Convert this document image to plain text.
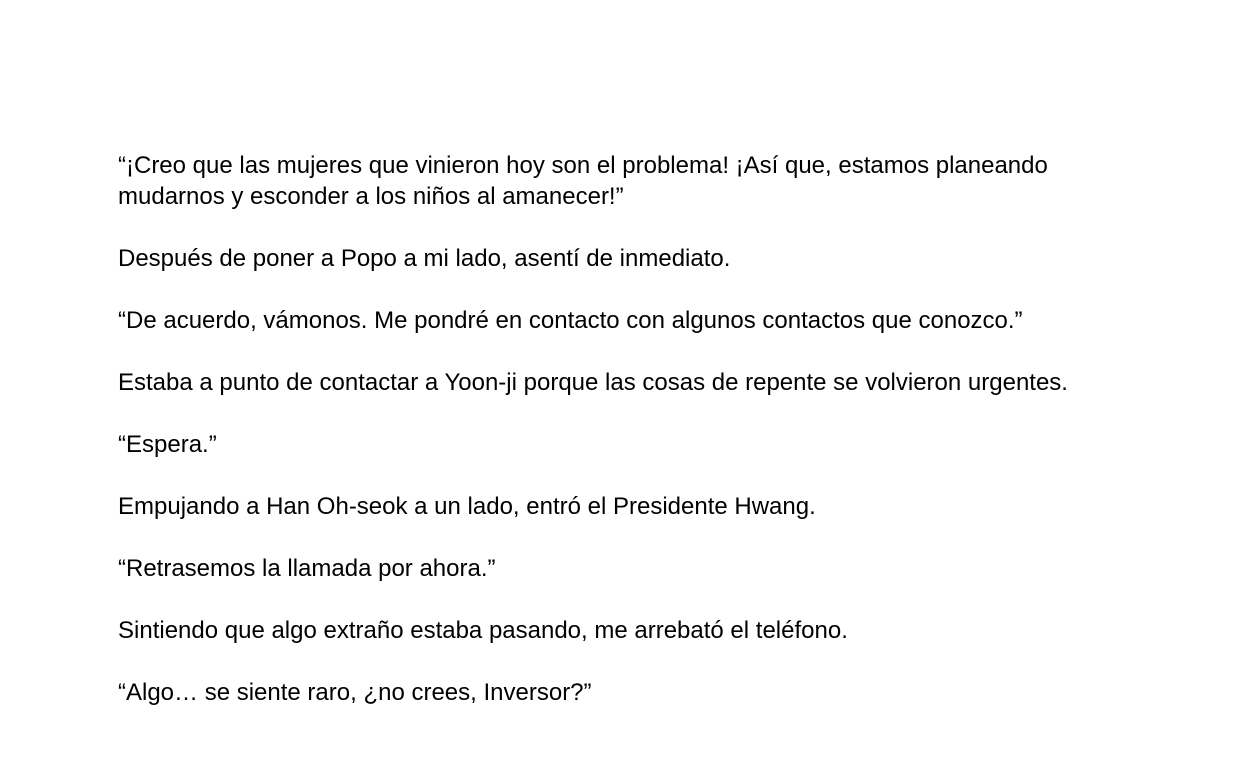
“¡Creo que las mujeres que vinieron hoy son el problema! ¡Así que, estamos planeando mudarnos y esconder a los niños al amanecer!”

Después de poner a Popo a mi lado, asentí de inmediato.

“De acuerdo, vámonos. Me pondré en contacto con algunos contactos que conozco.”

Estaba a punto de contactar a Yoon-ji porque las cosas de repente se volvieron urgentes.

“Espera.”

Empujando a Han Oh-seok a un lado, entró el Presidente Hwang.

“Retrasemos la llamada por ahora.”

Sintiendo que algo extraño estaba pasando, me arrebató el teléfono.

“Algo… se siente raro, ¿no crees, Inversor?”
